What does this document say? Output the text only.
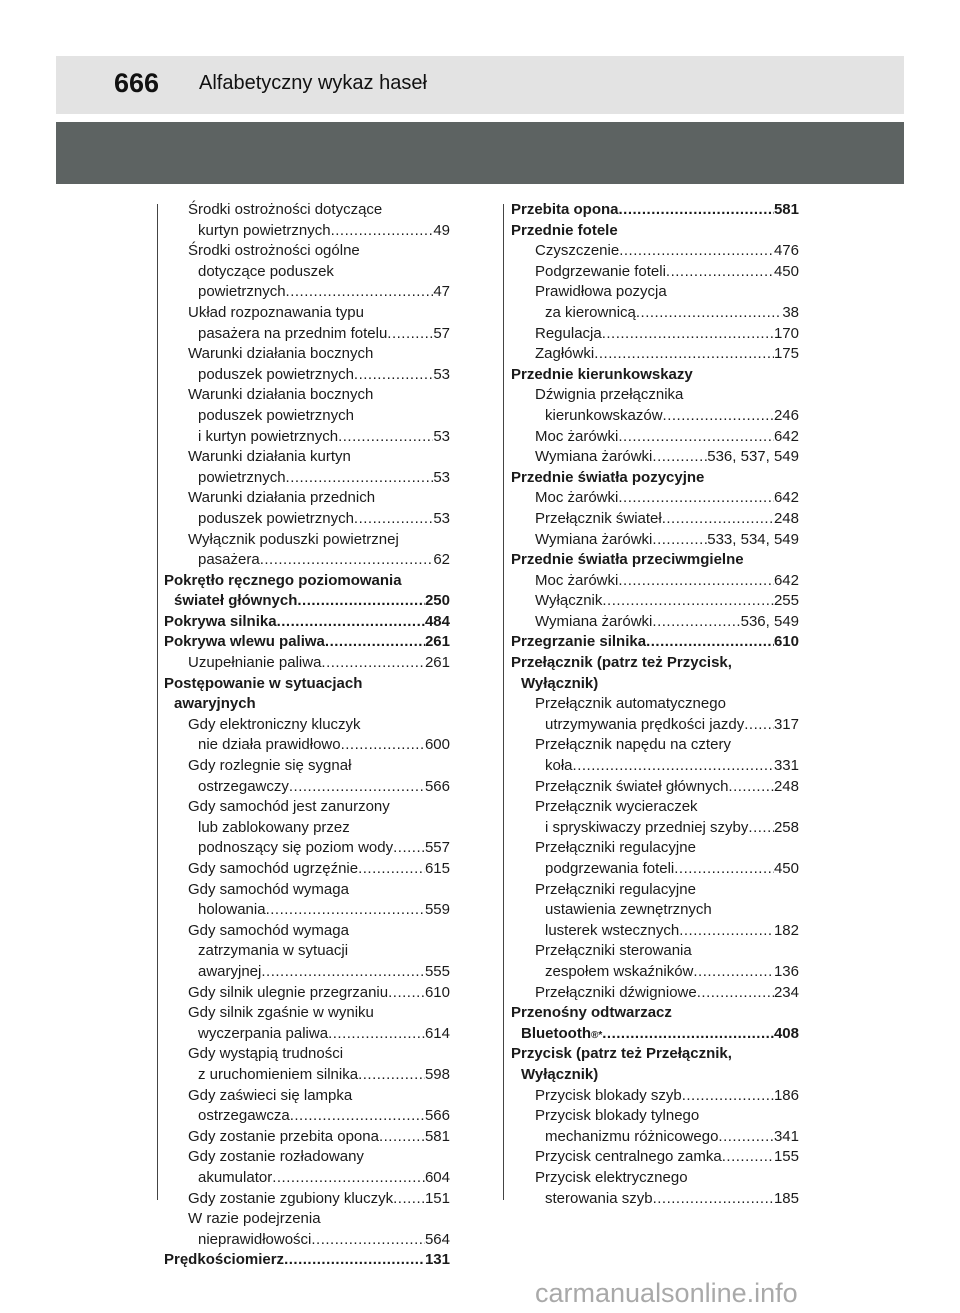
666 Alfabetyczny wykaz haseł
Środki ostrożności dotyczące
kurtyn powietrznych .....	49
Środki ostrożności ogólne
dotyczące poduszek
powietrznych .....	47
Układ rozpoznawania typu
pasażera na przednim fotelu .....	57
Warunki działania bocznych
poduszek powietrznych .....	53
Warunki działania bocznych
poduszek powietrznych
i kurtyn powietrznych .....	53
Warunki działania kurtyn
powietrznych .....	53
Warunki działania przednich
poduszek powietrznych .....	53
Wyłącznik poduszki powietrznej
pasażera .....	62
Pokrętło ręcznego poziomowania
świateł głównych .....	250
Pokrywa silnika .....	484
Pokrywa wlewu paliwa .....	261
Uzupełnianie paliwa .....	261
Postępowanie w sytuacjach
awaryjnych
Gdy elektroniczny kluczyk
nie działa prawidłowo .....	600
Gdy rozlegnie się sygnał
ostrzegawczy .....	566
Gdy samochód jest zanurzony
lub zablokowany przez
podnoszący się poziom wody ..... 557
Gdy samochód ugrzęźnie .....	615
Gdy samochód wymaga
holowania .....	559
Gdy samochód wymaga
zatrzymania w sytuacji
awaryjnej .....	555
Gdy silnik ulegnie przegrzaniu ..... 610
Gdy silnik zgaśnie w wyniku
wyczerpania paliwa .....	614
Gdy wystąpią trudności
z uruchomieniem silnika .....	598
Gdy zaświeci się lampka
ostrzegawcza .....	566
Gdy zostanie przebita opona .....	581
Gdy zostanie rozładowany
akumulator .....	604
Gdy zostanie zgubiony kluczyk ..... 151
W razie podejrzenia
nieprawidłowości .....	564
Prędkościomierz .....	131
Przebita opona .....	581
Przednie fotele
Czyszczenie .....	476
Podgrzewanie foteli .....	450
Prawidłowa pozycja
za kierownicą .....	38
Regulacja .....	170
Zagłówki .....	175
Przednie kierunkowskazy
Dźwignia przełącznika
kierunkowskazów .....	246
Moc żarówki .....	642
Wymiana żarówki .....	536, 537, 549
Przednie światła pozycyjne
Moc żarówki .....	642
Przełącznik świateł .....	248
Wymiana żarówki .....	533, 534, 549
Przednie światła przeciwmgielne
Moc żarówki .....	642
Wyłącznik .....	255
Wymiana żarówki .....	536, 549
Przegrzanie silnika .....	610
Przełącznik (patrz też Przycisk,
Wyłącznik)
Przełącznik automatycznego
utrzymywania prędkości jazdy ..... 317
Przełącznik napędu na cztery
koła .....	331
Przełącznik świateł głównych .....	248
Przełącznik wycieraczek
i spryskiwaczy przedniej szyby ..... 258
Przełączniki regulacyjne
podgrzewania foteli .....	450
Przełączniki regulacyjne
ustawienia zewnętrznych
lusterek wstecznych .....	182
Przełączniki sterowania
zespołem wskaźników .....	136
Przełączniki dźwigniowe .....	234
Przenośny odtwarzacz
Bluetooth ®* .....	408
Przycisk (patrz też Przełącznik,
Wyłącznik)
Przycisk blokady szyb .....	186
Przycisk blokady tylnego
mechanizmu różnicowego .....	341
Przycisk centralnego zamka .....	155
Przycisk elektrycznego
sterowania szyb .....	185
carmanualsonline.info
